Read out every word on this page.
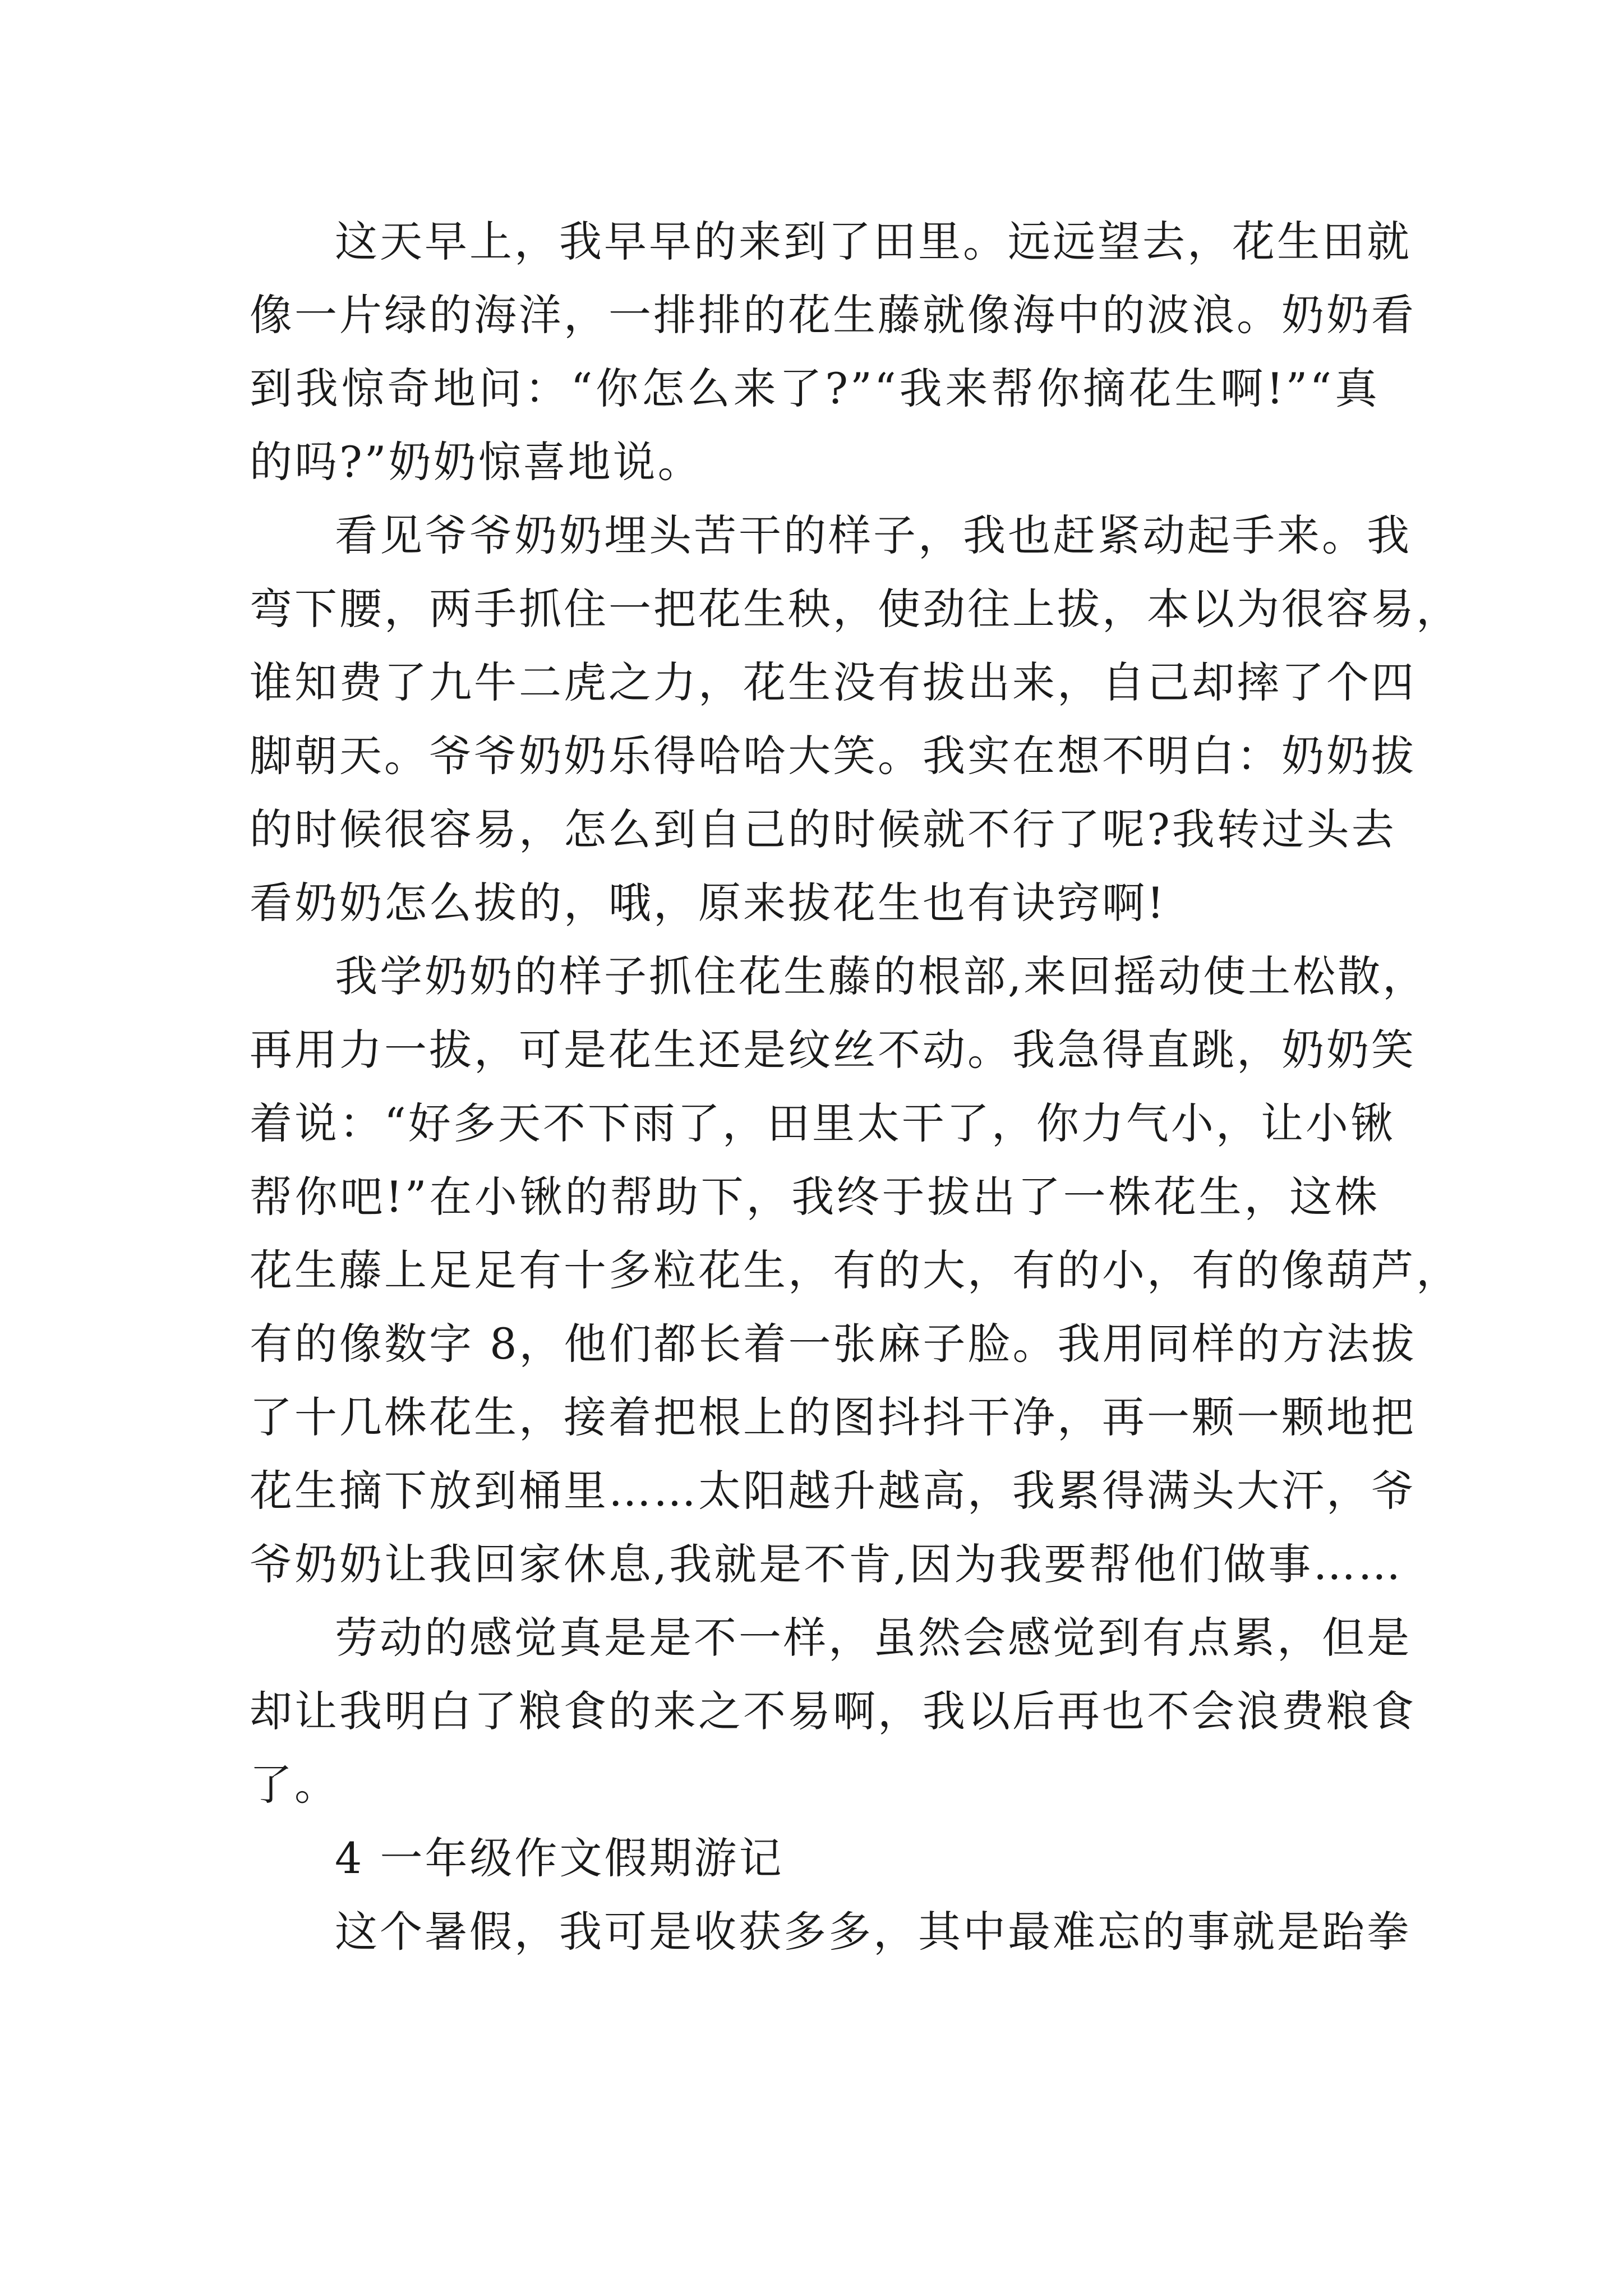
这天早上，我早早的来到了田里。远远望去，花生田就
像一片绿的海洋，一排排的花生藤就像海中的波浪。奶奶看
到我惊奇地问：“你怎么来了?”“我来帮你摘花生啊!”“真
的吗?”奶奶惊喜地说。
看见爷爷奶奶埋头苦干的样子，我也赶紧动起手来。我
弯下腰，两手抓住一把花生秧，使劲往上拔，本以为很容易，
谁知费了九牛二虎之力，花生没有拔出来，自己却摔了个四
脚朝天。爷爷奶奶乐得哈哈大笑。我实在想不明白：奶奶拔
的时候很容易，怎么到自己的时候就不行了呢?我转过头去
看奶奶怎么拔的，哦，原来拔花生也有诀窍啊!
我学奶奶的样子抓住花生藤的根部,来回摇动使土松散，
再用力一拔，可是花生还是纹丝不动。我急得直跳，奶奶笑
着说：“好多天不下雨了，田里太干了，你力气小，让小锹
帮你吧!”在小锹的帮助下，我终于拔出了一株花生，这株
花生藤上足足有十多粒花生，有的大，有的小，有的像葫芦，
有的像数字 8，他们都长着一张麻子脸。我用同样的方法拔
了十几株花生，接着把根上的图抖抖干净，再一颗一颗地把
花生摘下放到桶里……太阳越升越高，我累得满头大汗，爷
爷奶奶让我回家休息,我就是不肯,因为我要帮他们做事……
劳动的感觉真是是不一样，虽然会感觉到有点累，但是
却让我明白了粮食的来之不易啊，我以后再也不会浪费粮食
了。
4 一年级作文假期游记
这个暑假，我可是收获多多，其中最难忘的事就是跆拳
